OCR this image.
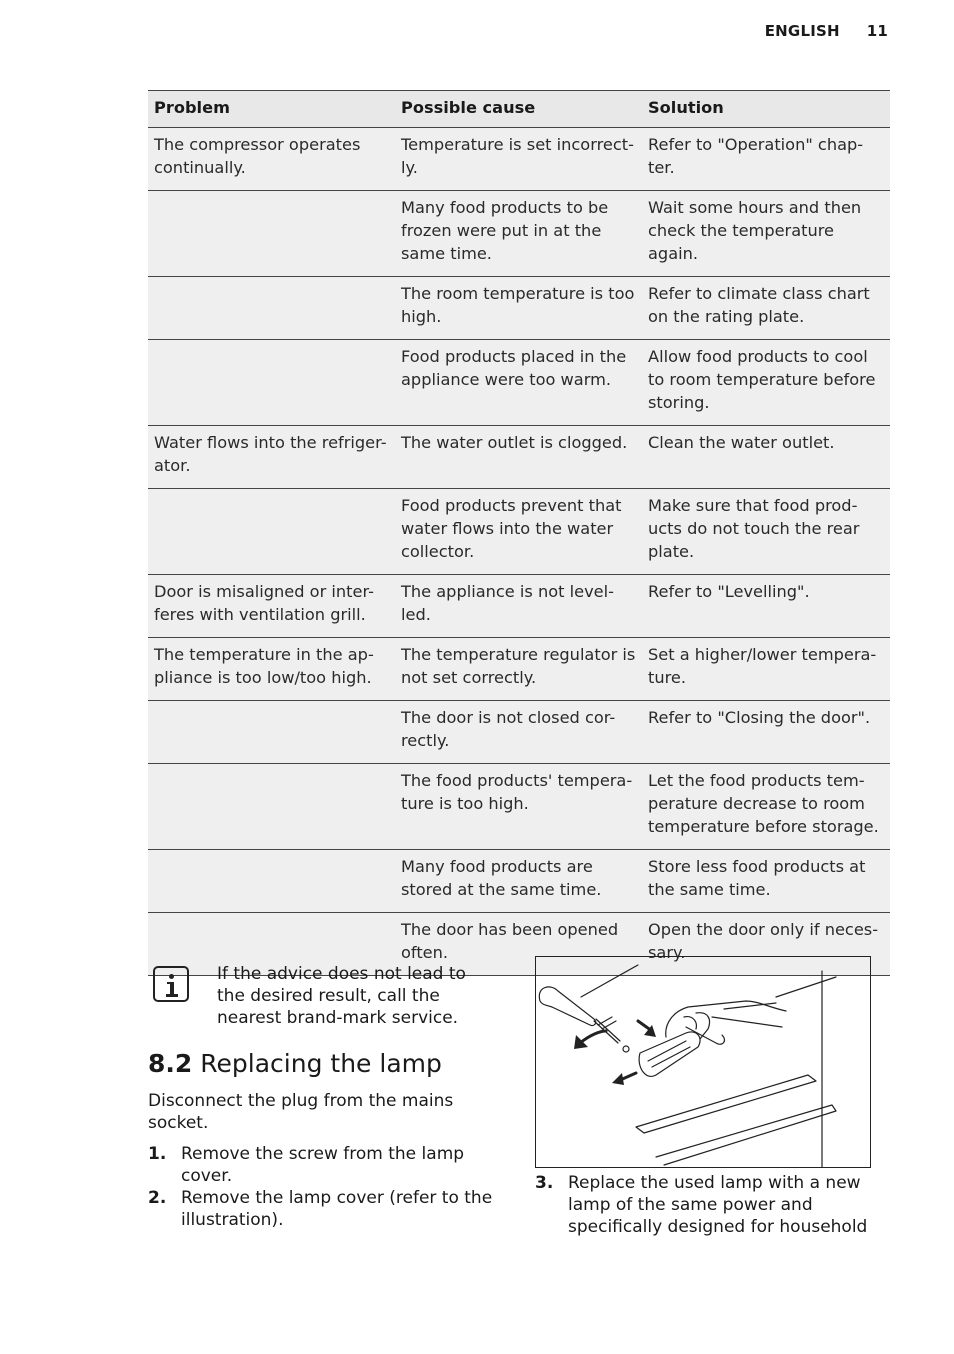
ENGLISH 11
Problem	Possible cause	Solution
The compressor operates continually.	Temperature is set incorrect-ly.	Refer to "Operation" chap-ter.
	Many food products to be frozen were put in at the same time.	Wait some hours and then check the temperature again.
	The room temperature is too high.	Refer to climate class chart on the rating plate.
	Food products placed in the appliance were too warm.	Allow food products to cool to room temperature before storing.
Water flows into the refriger-ator.	The water outlet is clogged.	Clean the water outlet.
	Food products prevent that water flows into the water collector.	Make sure that food prod-ucts do not touch the rear plate.
Door is misaligned or inter-feres with ventilation grill.	The appliance is not level-led.	Refer to "Levelling".
The temperature in the ap-pliance is too low/too high.	The temperature regulator is not set correctly.	Set a higher/lower tempera-ture.
	The door is not closed cor-rectly.	Refer to "Closing the door".
	The food products' tempera-ture is too high.	Let the food products tem-perature decrease to room temperature before storage.
	Many food products are stored at the same time.	Store less food products at the same time.
	The door has been opened often.	Open the door only if neces-sary.
If the advice does not lead to the desired result, call the nearest brand-mark service.
8.2 Replacing the lamp
Disconnect the plug from the mains socket.
1. Remove the screw from the lamp cover.
2. Remove the lamp cover (refer to the illustration).
3. Replace the used lamp with a new lamp of the same power and specifically designed for household
